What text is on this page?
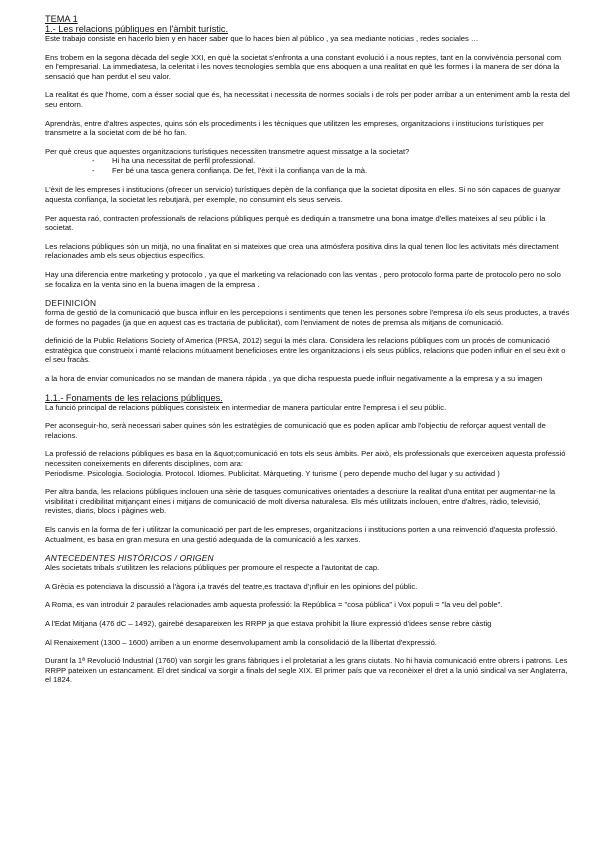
TEMA 1

1.- Les relacions públiques en l'àmbit turístic.

Este trabajo consiste en hacerlo bien y en hacer saber que lo haces bien al público , ya sea mediante noticias , redes sociales …

Ens trobem en la segona dècada del segle XXI, en què la societat s'enfronta a una constant evolució i a nous reptes, tant en la convivència personal com en l'empresarial. La immediatesa, la celeritat i les noves tecnologies sembla que ens aboquen a una realitat en què les formes i la manera de ser dóna la sensació que han perdut el seu valor.

La realitat és que l'home, com a ésser social que és, ha necessitat i necessita de normes socials i de rols per poder arribar a un enteniment amb la resta del seu entorn.

Aprendràs, entre d'altres aspectes, quins són els procediments i les tècniques que utilitzen les empreses, organitzacions i institucions turístiques per transmetre a la societat com de bé ho fan.

Per què creus que aquestes organitzacions turístiques necessiten transmetre aquest missatge a la societat?

-	Hi ha una necessitat de perfil professional.
-	Fer bé una tasca genera confiança. De fet, l'èxit i la confiança van de la mà.

L'èxit de les empreses i institucions (ofrecer un servicio) turístiques depèn de la confiança que la societat diposita en elles. Si no són capaces de guanyar aquesta confiança, la societat les rebutjarà, per exemple, no consumint els seus serveis.

Per aquesta raó, contracten professionals de relacions públiques perquè es dediquin a transmetre una bona imatge d'elles mateixes al seu públic i la societat.

Les relacions públiques són un mitjà, no una finalitat en si mateixes que crea una atmósfera positiva dins la qual tenen lloc les activitats més directament relacionades amb els seus objectius específics.

Hay una diferencia entre marketing y protocolo , ya que el marketing va relacionado con las ventas , pero protocolo forma parte de protocolo pero no solo se focaliza en la venta sino en la buena imagen de la empresa .

DEFINICIÓN

forma de gestió de la comunicació que busca influir en les percepcions i sentiments que tenen les persones sobre l'empresa i/o els seus productes, a través de formes no pagades (ja que en aquest cas es tractaria de publicitat), com l'enviament de notes de premsa als mitjans de comunicació.

definició de la Public Relations Society of America (PRSA, 2012) segui la més clara. Considera les relacions públiques com un procés de comunicació estratègica que construeix i manté relacions mútuament beneficioses entre les organitzacions i els seus públics, relacions que poden influir en el seu èxit o el seu fracàs.

a la hora de enviar comunicados no se mandan de manera rápida , ya que dicha respuesta puede influir negativamente a la empresa y a su imagen

1.1.- Fonaments de les relacions públiques.

La funció principal de relacions públiques consisteix en intermediar de manera particular entre l'empresa i el seu públic.

Per aconseguir-ho, serà necessari saber quines són les estratègies de comunicació que es poden aplicar amb l'objectiu de reforçar aquest ventall de relacions.

La professió de relacions públiques es basa en la &quot;comunicació en tots els seus àmbits. Per això, els professionals que exerceixen aquesta professió necessiten coneixements en diferents disciplines, com ara:

Periodisme. Psicologia. Sociologia. Protocol. Idiomes. Publicitat. Màrqueting. Y turisme ( pero depende mucho del lugar y su actividad )

Per altra banda, les relacions públiques inclouen una sèrie de tasques comunicatives orientades a descriure la realitat d'una entitat per augmentar-ne la visibilitat i credibilitat mitjançant eines i mitjans de comunicació de molt diversa naturalesa. Els més utilitzats inclouen, entre d'altres, ràdio, televisió, revistes, diaris, blocs i pàgines web.

Els canvis en la forma de fer i utilitzar la comunicació per part de les empreses, organitzacions i institucions porten a una reinvenció d'aquesta professió. Actualment, es basa en gran mesura en una gestió adequada de la comunicació a les xarxes.

ANTECEDENTES HISTÓRICOS / ORIGEN

Ales societats tribals s'utilitzen les relacions públiques per promoure el respecte a l'autoritat de cap.

A Grècia es potenciava la discussió a l'àgora i,a través del teatre,es tractava d'¡nfluir en les opinions del públic.

A Roma, es van introduir 2 paraules relacionades amb aquesta professió: la República = "cosa pública" i Vox populi = "la veu del poble".

A l'Edat Mitjana (476 dC – 1492), gairebé desapareixen les RRPP ja que estava prohibit la lliure expressió d'idees sense rebre càstig

Al Renaixement (1300 – 1600) arriben a un enorme desenvolupament amb la consolidació de la llibertat d'expressió.

Durant la 1ª Revolució Industrial (1760) van sorgir les grans fàbriques i el proletariat a les grans ciutats. No hi havia comunicació entre obrers i patrons. Les RRPP pateixen un estancament. El dret sindical va sorgir a finals del segle XIX. El primer país que va reconèixer el dret a la unió sindical va ser Anglaterra, el 1824.
